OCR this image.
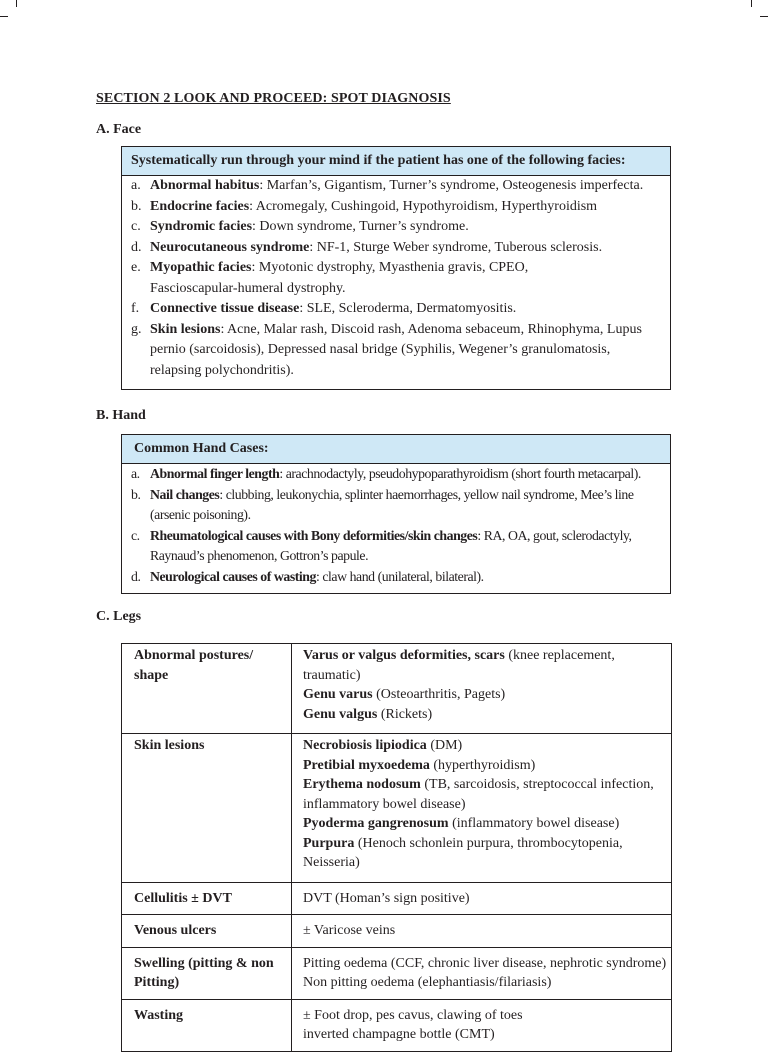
SECTION 2 LOOK AND PROCEED: SPOT DIAGNOSIS
A. Face
Systematically run through your mind if the patient has one of the following facies:
a. Abnormal habitus: Marfan’s, Gigantism, Turner’s syndrome, Osteogenesis imperfecta.
b. Endocrine facies: Acromegaly, Cushingoid, Hypothyroidism, Hyperthyroidism
c. Syndromic facies: Down syndrome, Turner’s syndrome.
d. Neurocutaneous syndrome: NF-1, Sturge Weber syndrome, Tuberous sclerosis.
e. Myopathic facies: Myotonic dystrophy, Myasthenia gravis, CPEO, Fascioscapular-humeral dystrophy.
f. Connective tissue disease: SLE, Scleroderma, Dermatomyositis.
g. Skin lesions: Acne, Malar rash, Discoid rash, Adenoma sebaceum, Rhinophyma, Lupus pernio (sarcoidosis), Depressed nasal bridge (Syphilis, Wegener’s granulomatosis, relapsing polychondritis).
B. Hand
Common Hand Cases:
a. Abnormal finger length: arachnodactyly, pseudohypoparathyroidism (short fourth metacarpal).
b. Nail changes: clubbing, leukonychia, splinter haemorrhages, yellow nail syndrome, Mee’s line (arsenic poisoning).
c. Rheumatological causes with Bony deformities/skin changes: RA, OA, gout, sclerodactyly, Raynaud’s phenomenon, Gottron’s papule.
d. Neurological causes of wasting: claw hand (unilateral, bilateral).
C. Legs
Abnormal postures/ shape	Varus or valgus deformities, scars (knee replacement, traumatic)
Genu varus (Osteoarthritis, Pagets)
Genu valgus (Rickets)

Skin lesions	Necrobiosis lipiodica (DM)
Pretibial myxoedema (hyperthyroidism)
Erythema nodosum (TB, sarcoidosis, streptococcal infection, inflammatory bowel disease)
Pyoderma gangrenosum (inflammatory bowel disease)
Purpura (Henoch schonlein purpura, thrombocytopenia, Neisseria)

Cellulitis ± DVT	DVT (Homan’s sign positive)

Venous ulcers	± Varicose veins

Swelling (pitting & non Pitting)	Pitting oedema (CCF, chronic liver disease, nephrotic syndrome)
Non pitting oedema (elephantiasis/filariasis)

Wasting	± Foot drop, pes cavus, clawing of toes
inverted champagne bottle (CMT)
